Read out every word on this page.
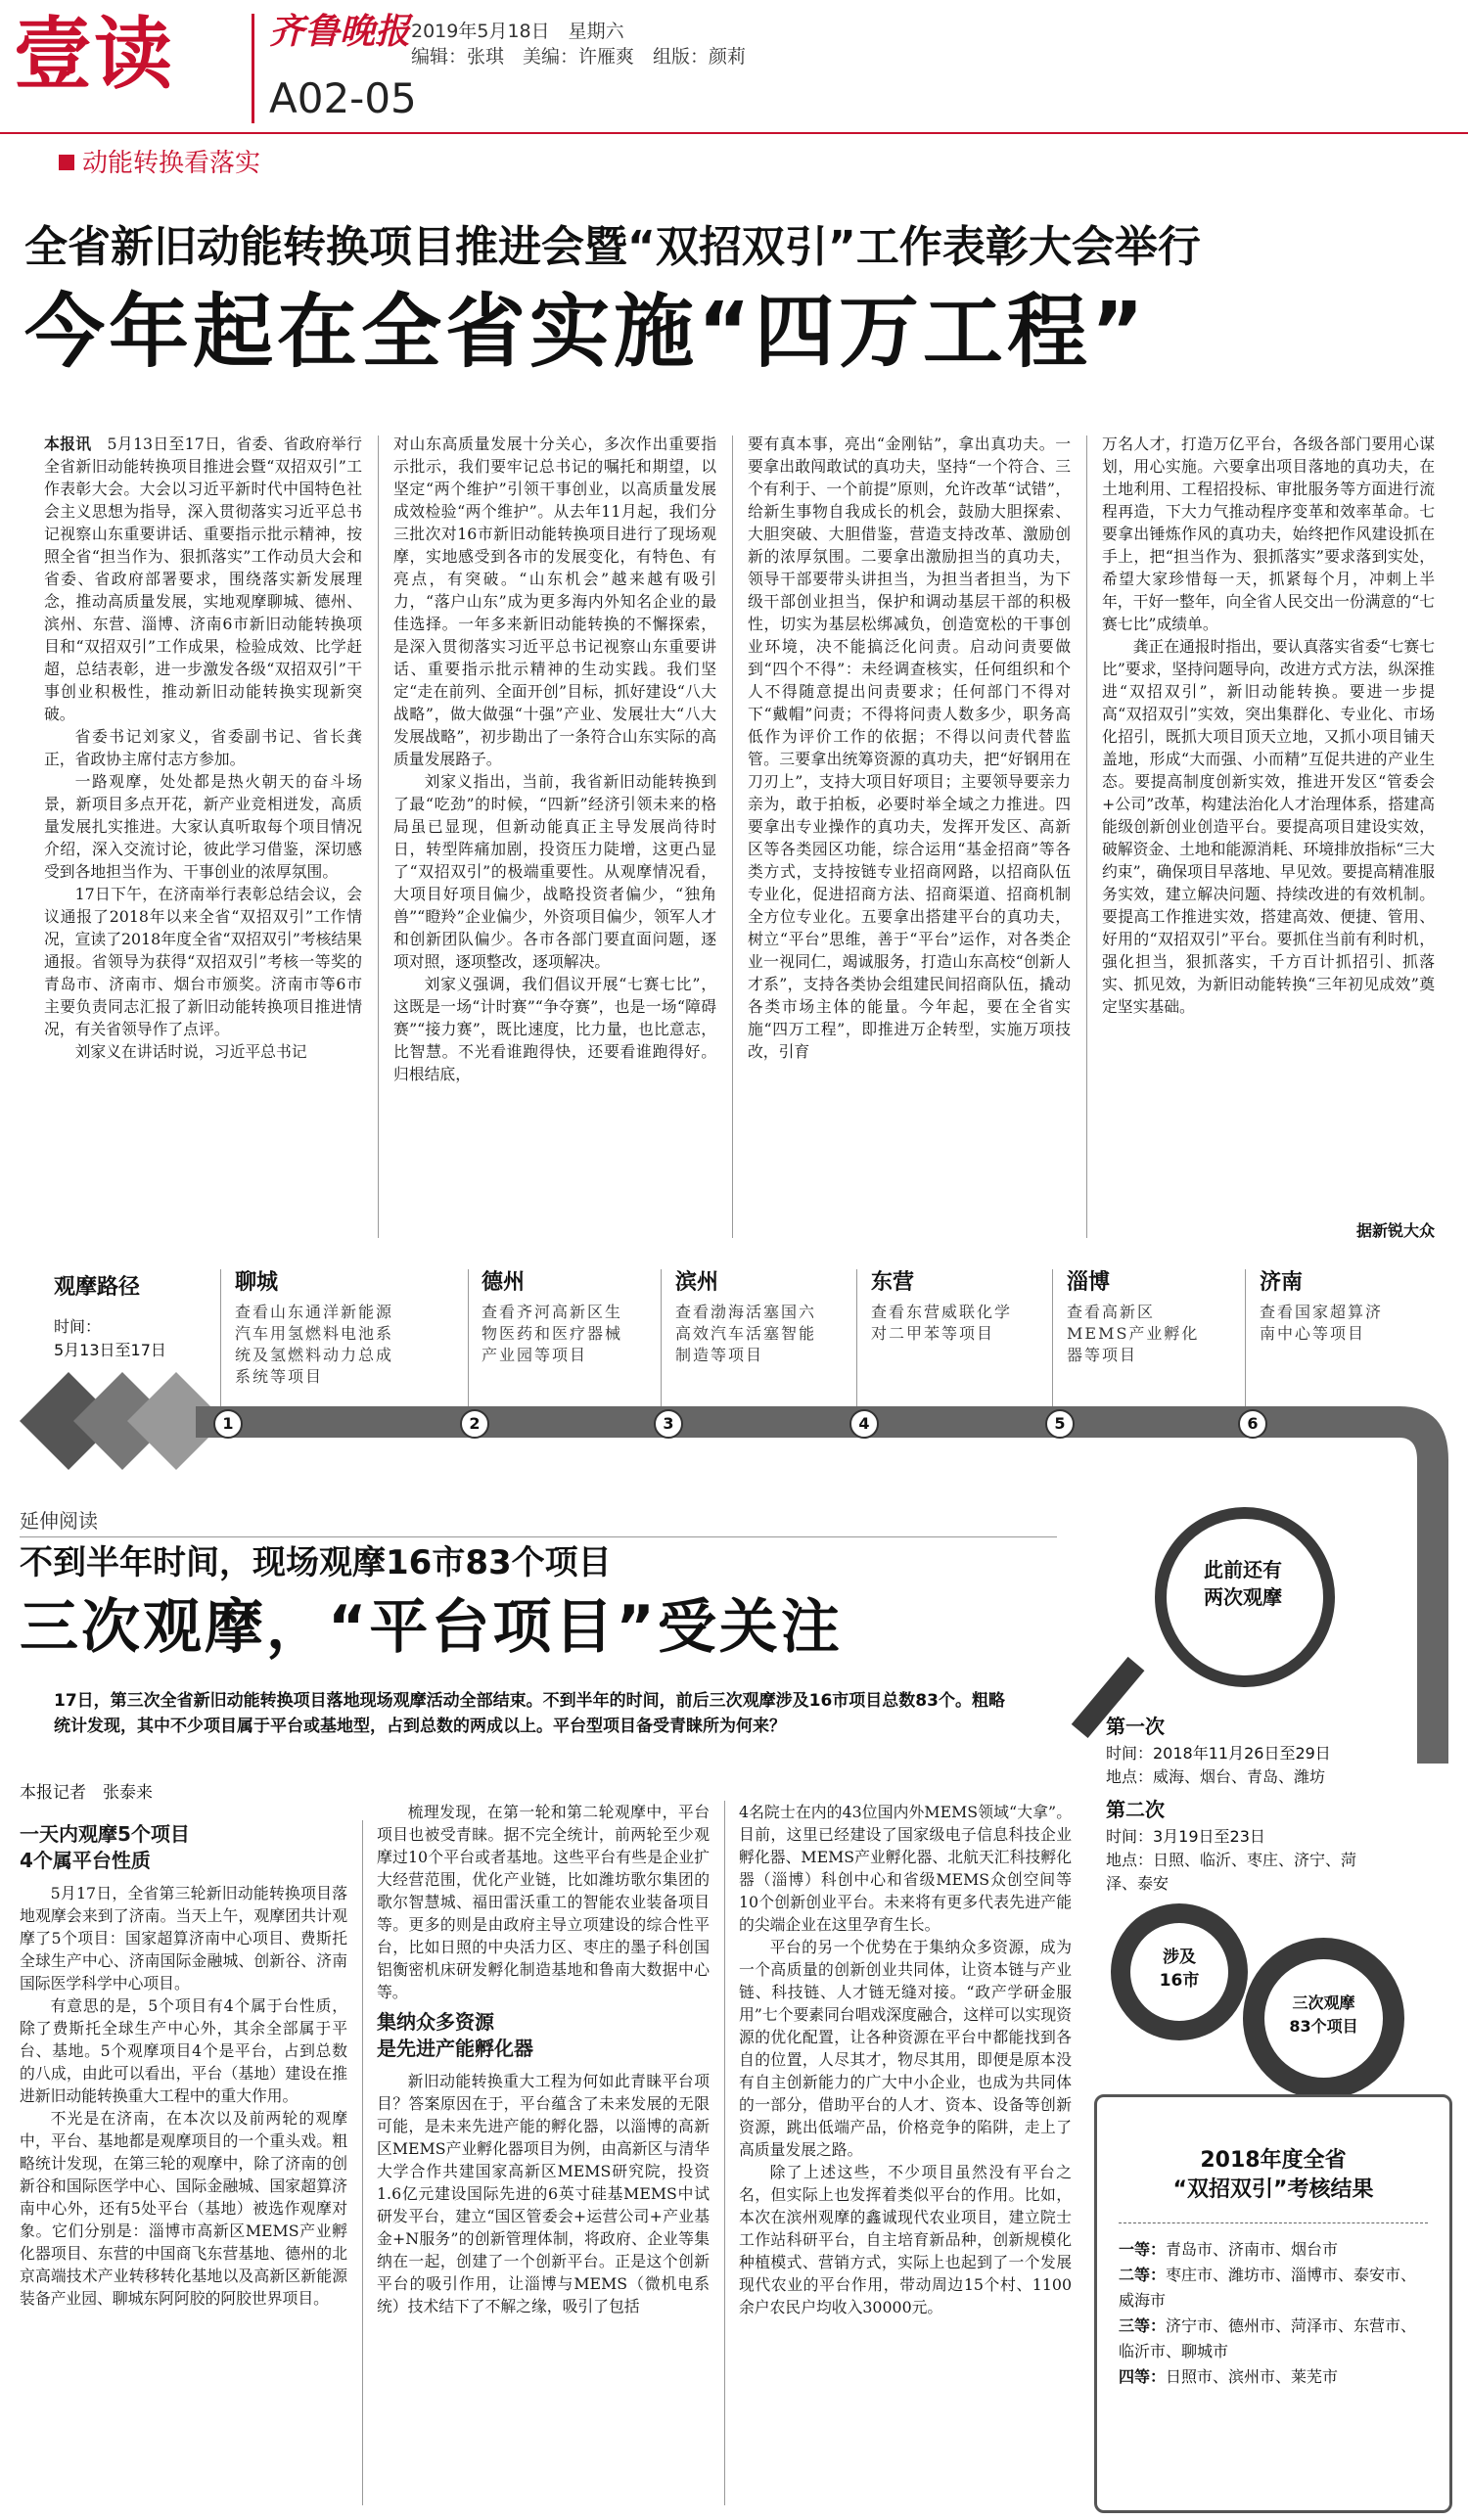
壹读	齐鲁晚报
A02-05
2019年5月18日　星期六
编辑：张琪　美编：许雁爽　组版：颜莉
动能转换看落实
全省新旧动能转换项目推进会暨“双招双引”工作表彰大会举行
今年起在全省实施“四万工程”

本报讯　 5月13日至17日，省委、省政府举行全省新旧动能转换项目推进会暨“双招双引”工作表彰大会。大会以习近平新时代中国特色社会主义思想为指导，深入贯彻落实习近平总书记视察山东重要讲话、重要指示批示精神，按照全省“担当作为、狠抓落实”工作动员大会和省委、省政府部署要求，围绕落实新发展理念，推动高质量发展，实地观摩聊城、德州、滨州、东营、淄博、济南6市新旧动能转换项目和“双招双引”工作成果，检验成效、比学赶超，总结表彰，进一步激发各级“双招双引”干事创业积极性，推动新旧动能转换实现新突破。

省委书记刘家义，省委副书记、省长龚正，省政协主席付志方参加。

一路观摩，处处都是热火朝天的奋斗场景，新项目多点开花，新产业竞相迸发，高质量发展扎实推进。大家认真听取每个项目情况介绍，深入交流讨论，彼此学习借鉴，深切感受到各地担当作为、干事创业的浓厚氛围。

17日下午，在济南举行表彰总结会议，会议通报了2018年以来全省“双招双引”工作情况，宣读了2018年度全省“双招双引”考核结果通报。省领导为获得“双招双引”考核一等奖的青岛市、济南市、烟台市颁奖。济南市等6市主要负责同志汇报了新旧动能转换项目推进情况，有关省领导作了点评。

刘家义在讲话时说，习近平总书记

对山东高质量发展十分关心，多次作出重要指示批示，我们要牢记总书记的嘱托和期望，以坚定“两个维护”引领干事创业，以高质量发展成效检验“两个维护”。从去年11月起，我们分三批次对16市新旧动能转换项目进行了现场观摩，实地感受到各市的发展变化，有特色、有亮点，有突破。“山东机会”越来越有吸引力，“落户山东”成为更多海内外知名企业的最佳选择。一年多来新旧动能转换的不懈探索，是深入贯彻落实习近平总书记视察山东重要讲话、重要指示批示精神的生动实践。我们坚定“走在前列、全面开创”目标，抓好建设“八大战略”，做大做强“十强”产业、发展壮大“八大发展战略”，初步勘出了一条符合山东实际的高质量发展路子。

刘家义指出，当前，我省新旧动能转换到了最“吃劲”的时候，“四新”经济引领未来的格局虽已显现，但新动能真正主导发展尚待时日，转型阵痛加剧，投资压力陡增，这更凸显了“双招双引”的极端重要性。从观摩情况看，大项目好项目偏少，战略投资者偏少，“独角兽”“瞪羚”企业偏少，外资项目偏少，领军人才和创新团队偏少。各市各部门要直面问题，逐项对照，逐项整改，逐项解决。

刘家义强调，我们倡议开展“七赛七比”，这既是一场“计时赛”“争夺赛”，也是一场“障碍赛”“接力赛”，既比速度，比力量，也比意志，比智慧。不光看谁跑得快，还要看谁跑得好。归根结底，

要有真本事，亮出“金刚钻”，拿出真功夫。一要拿出敢闯敢试的真功夫，坚持“一个符合、三个有利于、一个前提”原则，允许改革“试错”，给新生事物自我成长的机会，鼓励大胆探索、大胆突破、大胆借鉴，营造支持改革、激励创新的浓厚氛围。二要拿出激励担当的真功夫，领导干部要带头讲担当，为担当者担当，为下级干部创业担当，保护和调动基层干部的积极性，切实为基层松绑减负，创造宽松的干事创业环境，决不能搞泛化问责。启动问责要做到“四个不得”：未经调查核实，任何组织和个人不得随意提出问责要求；任何部门不得对下“戴帽”问责；不得将问责人数多少，职务高低作为评价工作的依据；不得以问责代替监管。三要拿出统筹资源的真功夫，把“好钢用在刀刃上”，支持大项目好项目；主要领导要亲力亲为，敢于拍板，必要时举全域之力推进。四要拿出专业操作的真功夫，发挥开发区、高新区等各类园区功能，综合运用“基金招商”等各类方式，支持按链专业招商网路，以招商队伍专业化，促进招商方法、招商渠道、招商机制全方位专业化。五要拿出搭建平台的真功夫，树立“平台”思维，善于“平台”运作，对各类企业一视同仁，竭诚服务，打造山东高校“创新人才系”，支持各类协会组建民间招商队伍，撬动各类市场主体的能量。今年起，要在全省实施“四万工程”，即推进万企转型，实施万项技改，引育

万名人才，打造万亿平台，各级各部门要用心谋划，用心实施。六要拿出项目落地的真功夫，在土地利用、工程招投标、审批服务等方面进行流程再造，下大力气推动程序变革和效率革命。七要拿出锤炼作风的真功夫，始终把作风建设抓在手上，把“担当作为、狠抓落实”要求落到实处，希望大家珍惜每一天，抓紧每个月，冲刺上半年，干好一整年，向全省人民交出一份满意的“七赛七比”成绩单。

龚正在通报时指出，要认真落实省委“七赛七比”要求，坚持问题导向，改进方式方法，纵深推进“双招双引”，新旧动能转换。要进一步提高“双招双引”实效，突出集群化、专业化、市场化招引，既抓大项目顶天立地，又抓小项目铺天盖地，形成“大而强、小而精”互促共进的产业生态。要提高制度创新实效，推进开发区“管委会+公司”改革，构建法治化人才治理体系，搭建高能级创新创业创造平台。要提高项目建设实效，破解资金、土地和能源消耗、环境排放指标“三大约束”，确保项目早落地、早见效。要提高精准服务实效，建立解决问题、持续改进的有效机制。要提高工作推进实效，搭建高效、便捷、管用、好用的“双招双引”平台。要抓住当前有利时机，强化担当，狠抓落实，千方百计抓招引、抓落实、抓见效，为新旧动能转换“三年初见成效”奠定坚实基础。

据新锐大众
观摩路径
时间：
5月13日至17日
聊城
查看山东通洋新能源汽车用氢燃料电池系统及氢燃料动力总成系统等项目
1
德州
查看齐河高新区生物医药和医疗器械产业园等项目
2
滨州
查看渤海活塞国六高效汽车活塞智能制造等项目
3
东营
查看东营威联化学对二甲苯等项目
4
淄博
查看高新区MEMS产业孵化器等项目
5
济南
查看国家超算济南中心等项目
6
延伸阅读
不到半年时间，现场观摩16市83个项目
三次观摩，“平台项目”受关注
17日，第三次全省新旧动能转换项目落地现场观摩活动全部结束。不到半年的时间，前后三次观摩涉及16市项目总数83个。粗略统计发现，其中不少项目属于平台或基地型，占到总数的两成以上。平台型项目备受青睐所为何来？
本报记者　张泰来
一天内观摩5个项目
4个属平台性质

5月17日，全省第三轮新旧动能转换项目落地观摩会来到了济南。当天上午，观摩团共计观摩了5个项目：国家超算济南中心项目、费斯托全球生产中心、济南国际金融城、创新谷、济南国际医学科学中心项目。

有意思的是，5个项目有4个属于台性质，除了费斯托全球生产中心外，其余全部属于平台、基地。5个观摩项目4个是平台，占到总数的八成，由此可以看出，平台（基地）建设在推进新旧动能转换重大工程中的重大作用。

不光是在济南，在本次以及前两轮的观摩中，平台、基地都是观摩项目的一个重头戏。粗略统计发现，在第三轮的观摩中，除了济南的创新谷和国际医学中心、国际金融城、国家超算济南中心外，还有5处平台（基地）被选作观摩对象。它们分别是：淄博市高新区MEMS产业孵化器项目、东营的中国商飞东营基地、德州的北京高端技术产业转移转化基地以及高新区新能源装备产业园、聊城东阿阿胶的阿胶世界项目。

梳理发现，在第一轮和第二轮观摩中，平台项目也被受青睐。据不完全统计，前两轮至少观摩过10个平台或者基地。这些平台有些是企业扩大经营范围，优化产业链，比如潍坊歌尔集团的歌尔智慧城、福田雷沃重工的智能农业装备项目等。更多的则是由政府主导立项建设的综合性平台，比如日照的中央活力区、枣庄的墨子科创国铝衡密机床研发孵化制造基地和鲁南大数据中心等。

集纳众多资源
是先进产能孵化器

新旧动能转换重大工程为何如此青睐平台项目？答案原因在于，平台蕴含了未来发展的无限可能，是未来先进产能的孵化器，以淄博的高新区MEMS产业孵化器项目为例，由高新区与清华大学合作共建国家高新区MEMS研究院，投资1.6亿元建设国际先进的6英寸硅基MEMS中试研发平台，建立“国区管委会+运营公司+产业基金+N服务”的创新管理体制，将政府、企业等集纳在一起，创建了一个创新平台。正是这个创新平台的吸引作用，让淄博与MEMS（微机电系统）技术结下了不解之缘，吸引了包括

4名院士在内的43位国内外MEMS领域“大拿”。目前，这里已经建设了国家级电子信息科技企业孵化器、MEMS产业孵化器、北航天汇科技孵化器（淄博）科创中心和省级MEMS众创空间等10个创新创业平台。未来将有更多代表先进产能的尖端企业在这里孕育生长。

平台的另一个优势在于集纳众多资源，成为一个高质量的创新创业共同体，让资本链与产业链、科技链、人才链无缝对接。“政产学研金服用”七个要素同台唱戏深度融合，这样可以实现资源的优化配置，让各种资源在平台中都能找到各自的位置，人尽其才，物尽其用，即便是原本没有自主创新能力的广大中小企业，也成为共同体的一部分，借助平台的人才、资本、设备等创新资源，跳出低端产品，价格竞争的陷阱，走上了高质量发展之路。

除了上述这些，不少项目虽然没有平台之名，但实际上也发挥着类似平台的作用。比如，本次在滨州观摩的鑫诚现代农业项目，建立院士工作站科研平台，自主培育新品种，创新规模化种植模式、营销方式，实际上也起到了一个发展现代农业的平台作用，带动周边15个村、1100余户农民户均收入30000元。

此前还有
两次观摩
第一次
时间：2018年11月26日至29日
地点：威海、烟台、青岛、潍坊
第二次
时间：3月19日至23日
地点：日照、临沂、枣庄、济宁、菏泽、泰安
涉及
16市
三次观摩
83个项目
2018年度全省
“双招双引”考核结果
一等：青岛市、济南市、烟台市
二等：枣庄市、潍坊市、淄博市、泰安市、威海市
三等：济宁市、德州市、菏泽市、东营市、临沂市、聊城市
四等：日照市、滨州市、莱芜市
